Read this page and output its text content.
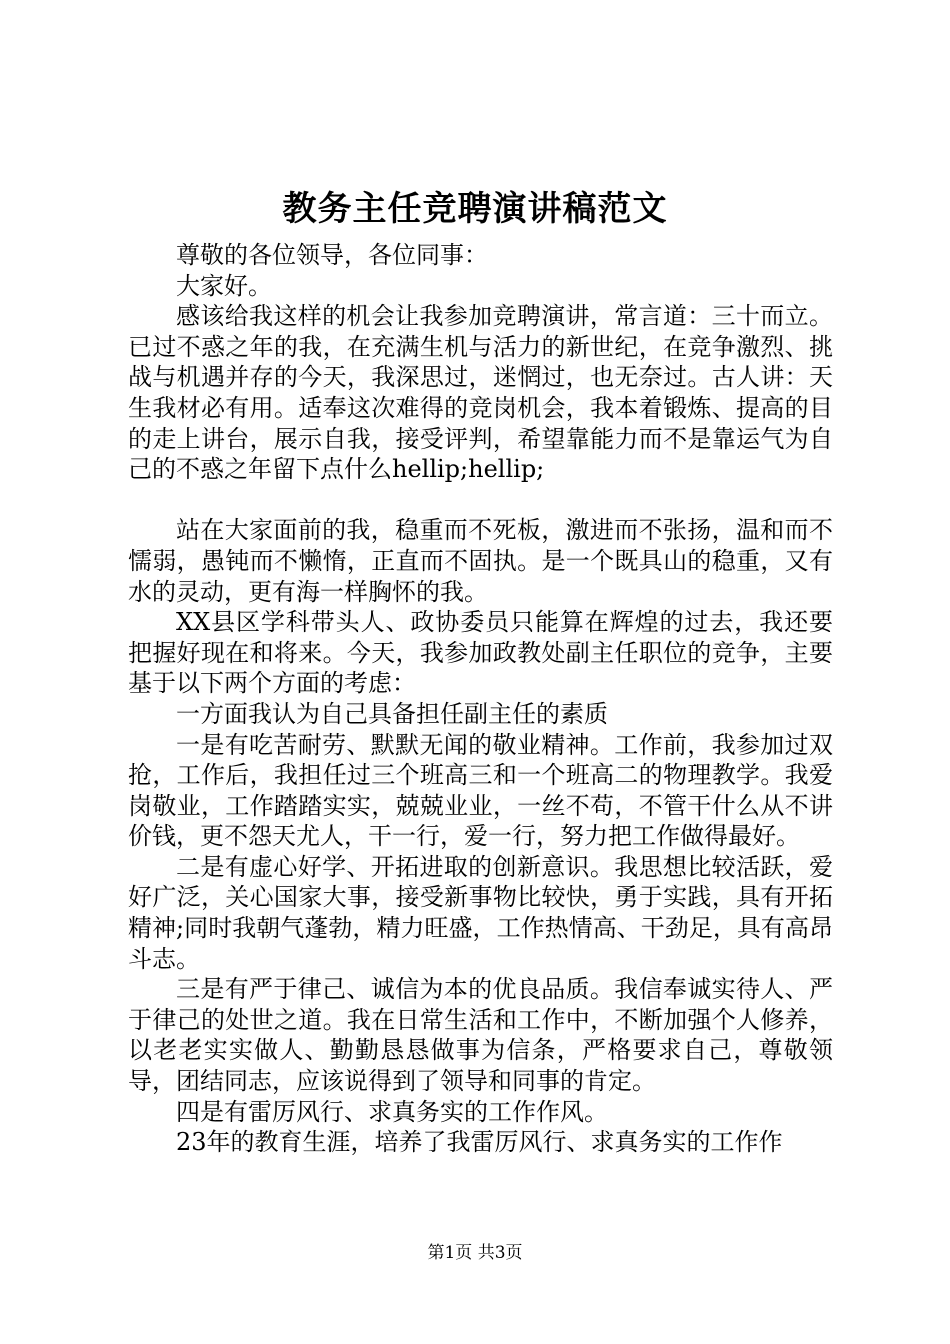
教务主任竞聘演讲稿范文

尊敬的各位领导，各位同事：

大家好。

感该给我这样的机会让我参加竞聘演讲，常言道：三十而立。已过不惑之年的我，在充满生机与活力的新世纪，在竞争激烈、挑战与机遇并存的今天，我深思过，迷惘过，也无奈过。古人讲：天生我材必有用。适奉这次难得的竞岗机会，我本着锻炼、提高的目的走上讲台，展示自我，接受评判，希望靠能力而不是靠运气为自己的不惑之年留下点什么hellip;hellip;

站在大家面前的我，稳重而不死板，激进而不张扬，温和而不懦弱，愚钝而不懒惰，正直而不固执。是一个既具山的稳重，又有水的灵动，更有海一样胸怀的我。

XX县区学科带头人、政协委员只能算在辉煌的过去，我还要把握好现在和将来。今天，我参加政教处副主任职位的竞争，主要基于以下两个方面的考虑：

一方面我认为自己具备担任副主任的素质

一是有吃苦耐劳、默默无闻的敬业精神。工作前，我参加过双抢，工作后，我担任过三个班高三和一个班高二的物理教学。我爱岗敬业，工作踏踏实实，兢兢业业，一丝不苟，不管干什么从不讲价钱，更不怨天尤人，干一行，爱一行，努力把工作做得最好。

二是有虚心好学、开拓进取的创新意识。我思想比较活跃，爱好广泛，关心国家大事，接受新事物比较快，勇于实践，具有开拓精神;同时我朝气蓬勃，精力旺盛，工作热情高、干劲足，具有高昂斗志。

三是有严于律己、诚信为本的优良品质。我信奉诚实待人、严于律己的处世之道。我在日常生活和工作中，不断加强个人修养，以老老实实做人、勤勤恳恳做事为信条，严格要求自己，尊敬领导，团结同志，应该说得到了领导和同事的肯定。

四是有雷厉风行、求真务实的工作作风。

23年的教育生涯，培养了我雷厉风行、求真务实的工作作

第1页 共3页
